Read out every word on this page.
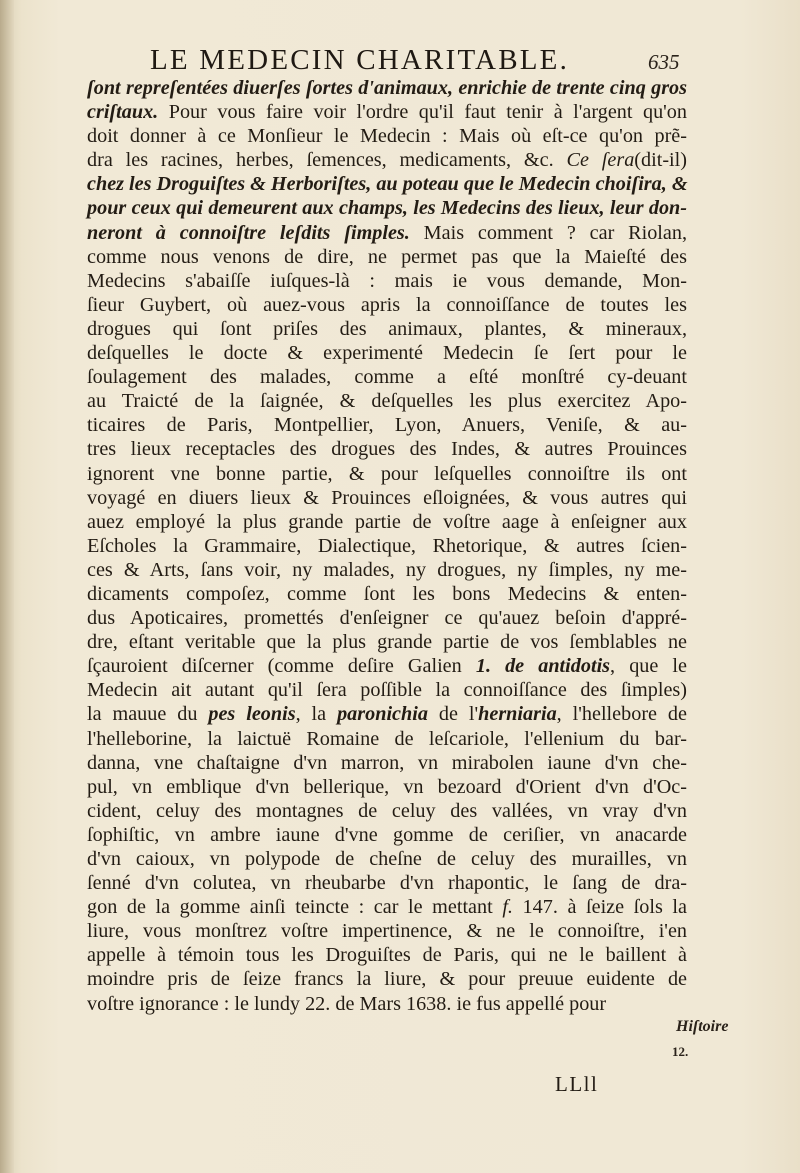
LE MEDECIN CHARITABLE.	635
ſont repreſentées diuerſes ſortes d'animaux, enrichie de trente cinq gros
criſtaux. Pour vous faire voir l'ordre qu'il faut tenir à l'argent qu'on
doit donner à ce Monſieur le Medecin : Mais où eſt-ce qu'on prẽ-
dra les racines, herbes, ſemences, medicaments, &c. Ce ſera(dit-il)
chez les Droguiſtes & Herboriſtes, au poteau que le Medecin choiſira, &
pour ceux qui demeurent aux champs, les Medecins des lieux, leur don-
neront à connoiſtre leſdits ſimples. Mais comment ? car Riolan,
comme nous venons de dire, ne permet pas que la Maieſté des
Medecins s'abaiſſe iuſques-là : mais ie vous demande, Mon-
ſieur Guybert, où auez-vous apris la connoiſſance de toutes les
drogues qui ſont priſes des animaux, plantes, & mineraux,
deſquelles le docte & experimenté Medecin ſe ſert pour le
ſoulagement des malades, comme a eſté monſtré cy-deuant
au Traicté de la ſaignée, & deſquelles les plus exercitez Apo-
ticaires de Paris, Montpellier, Lyon, Anuers, Veniſe, & au-
tres lieux receptacles des drogues des Indes, & autres Prouinces
ignorent vne bonne partie, & pour leſquelles connoiſtre ils ont
voyagé en diuers lieux & Prouinces eſloignées, & vous autres qui
auez employé la plus grande partie de voſtre aage à enſeigner aux
Eſcholes la Grammaire, Dialectique, Rhetorique, & autres ſcien-
ces & Arts, ſans voir, ny malades, ny drogues, ny ſimples, ny me-
dicaments compoſez, comme ſont les bons Medecins & enten-
dus Apoticaires, promettés d'enſeigner ce qu'auez beſoin d'appré-
dre, eſtant veritable que la plus grande partie de vos ſemblables ne
ſçauroient diſcerner (comme deſire Galien 1. de antidotis, que le
Medecin ait autant qu'il ſera poſſible la connoiſſance des ſimples)
la mauue du pes leonis, la paronichia de l'herniaria, l'hellebore de
l'helleborine, la laictuë Romaine de leſcariole, l'ellenium du bar-
danna, vne chaſtaigne d'vn marron, vn mirabolen iaune d'vn che-
pul, vn emblique d'vn bellerique, vn bezoard d'Orient d'vn d'Oc-
cident, celuy des montagnes de celuy des vallées, vn vray d'vn
ſophiſtic, vn ambre iaune d'vne gomme de ceriſier, vn anacarde
d'vn caioux, vn polypode de cheſne de celuy des murailles, vn
ſenné d'vn colutea, vn rheubarbe d'vn rhapontic, le ſang de dra-
gon de la gomme ainſi teincte : car le mettant f. 147. à ſeize ſols la
liure, vous monſtrez voſtre impertinence, & ne le connoiſtre, i'en
appelle à témoin tous les Droguiſtes de Paris, qui ne le baillent à
moindre pris de ſeize francs la liure, & pour preuue euidente de
voſtre ignorance : le lundy 22. de Mars 1638. ie fus appellé pour
Hiſtoire
12.
LLll
